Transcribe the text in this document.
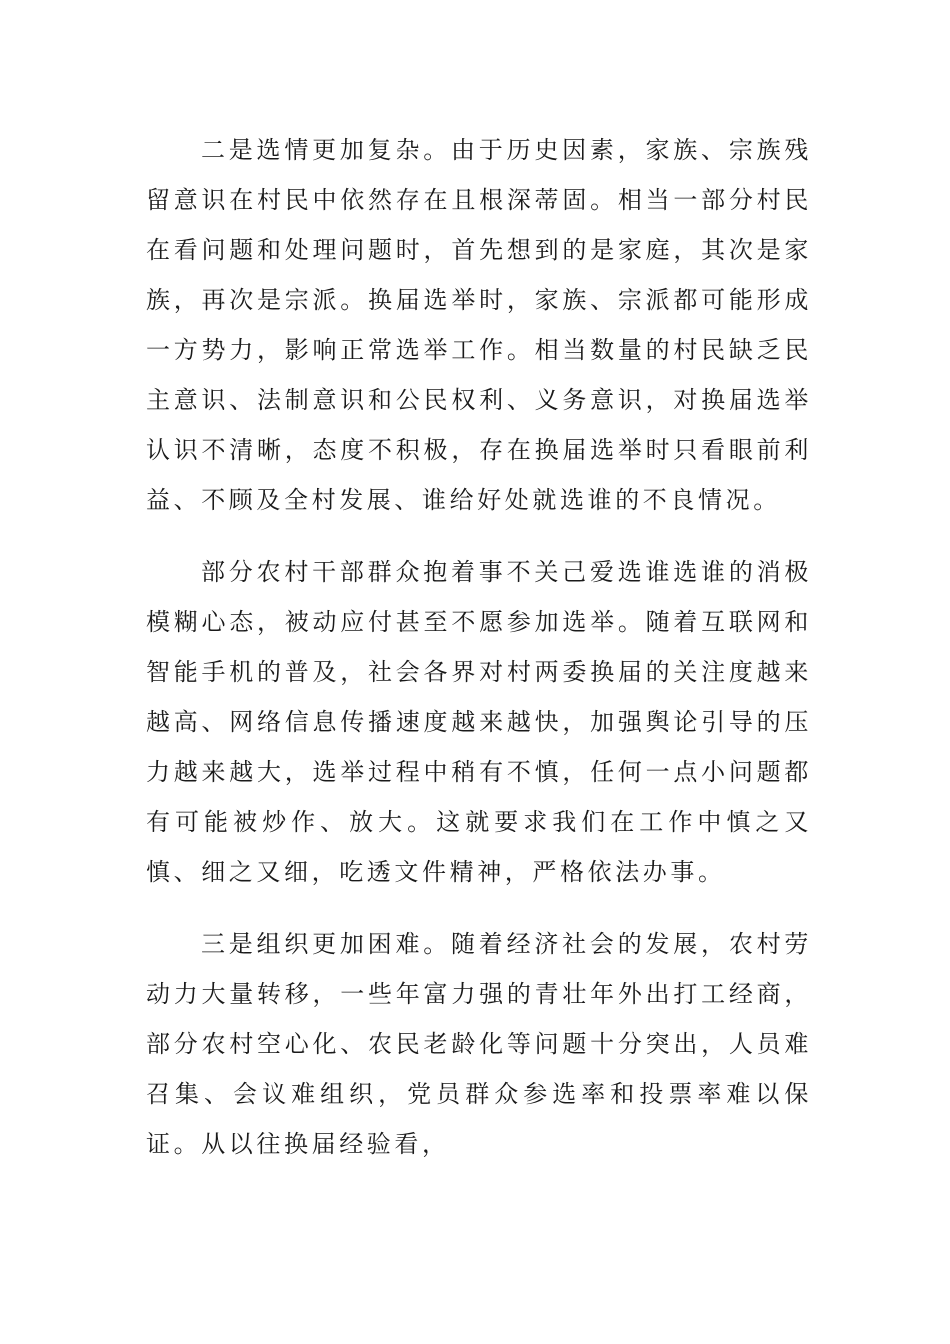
二是选情更加复杂。由于历史因素，家族、宗族残留意识在村民中依然存在且根深蒂固。相当一部分村民在看问题和处理问题时，首先想到的是家庭，其次是家族，再次是宗派。换届选举时，家族、宗派都可能形成一方势力，影响正常选举工作。相当数量的村民缺乏民主意识、法制意识和公民权利、义务意识，对换届选举认识不清晰，态度不积极，存在换届选举时只看眼前利益、不顾及全村发展、谁给好处就选谁的不良情况。

部分农村干部群众抱着事不关己爱选谁选谁的消极模糊心态，被动应付甚至不愿参加选举。随着互联网和智能手机的普及，社会各界对村两委换届的关注度越来越高、网络信息传播速度越来越快，加强舆论引导的压力越来越大，选举过程中稍有不慎，任何一点小问题都有可能被炒作、放大。这就要求我们在工作中慎之又慎、细之又细，吃透文件精神，严格依法办事。

三是组织更加困难。随着经济社会的发展，农村劳动力大量转移，一些年富力强的青壮年外出打工经商，部分农村空心化、农民老龄化等问题十分突出，人员难召集、会议难组织，党员群众参选率和投票率难以保证。从以往换届经验看，
